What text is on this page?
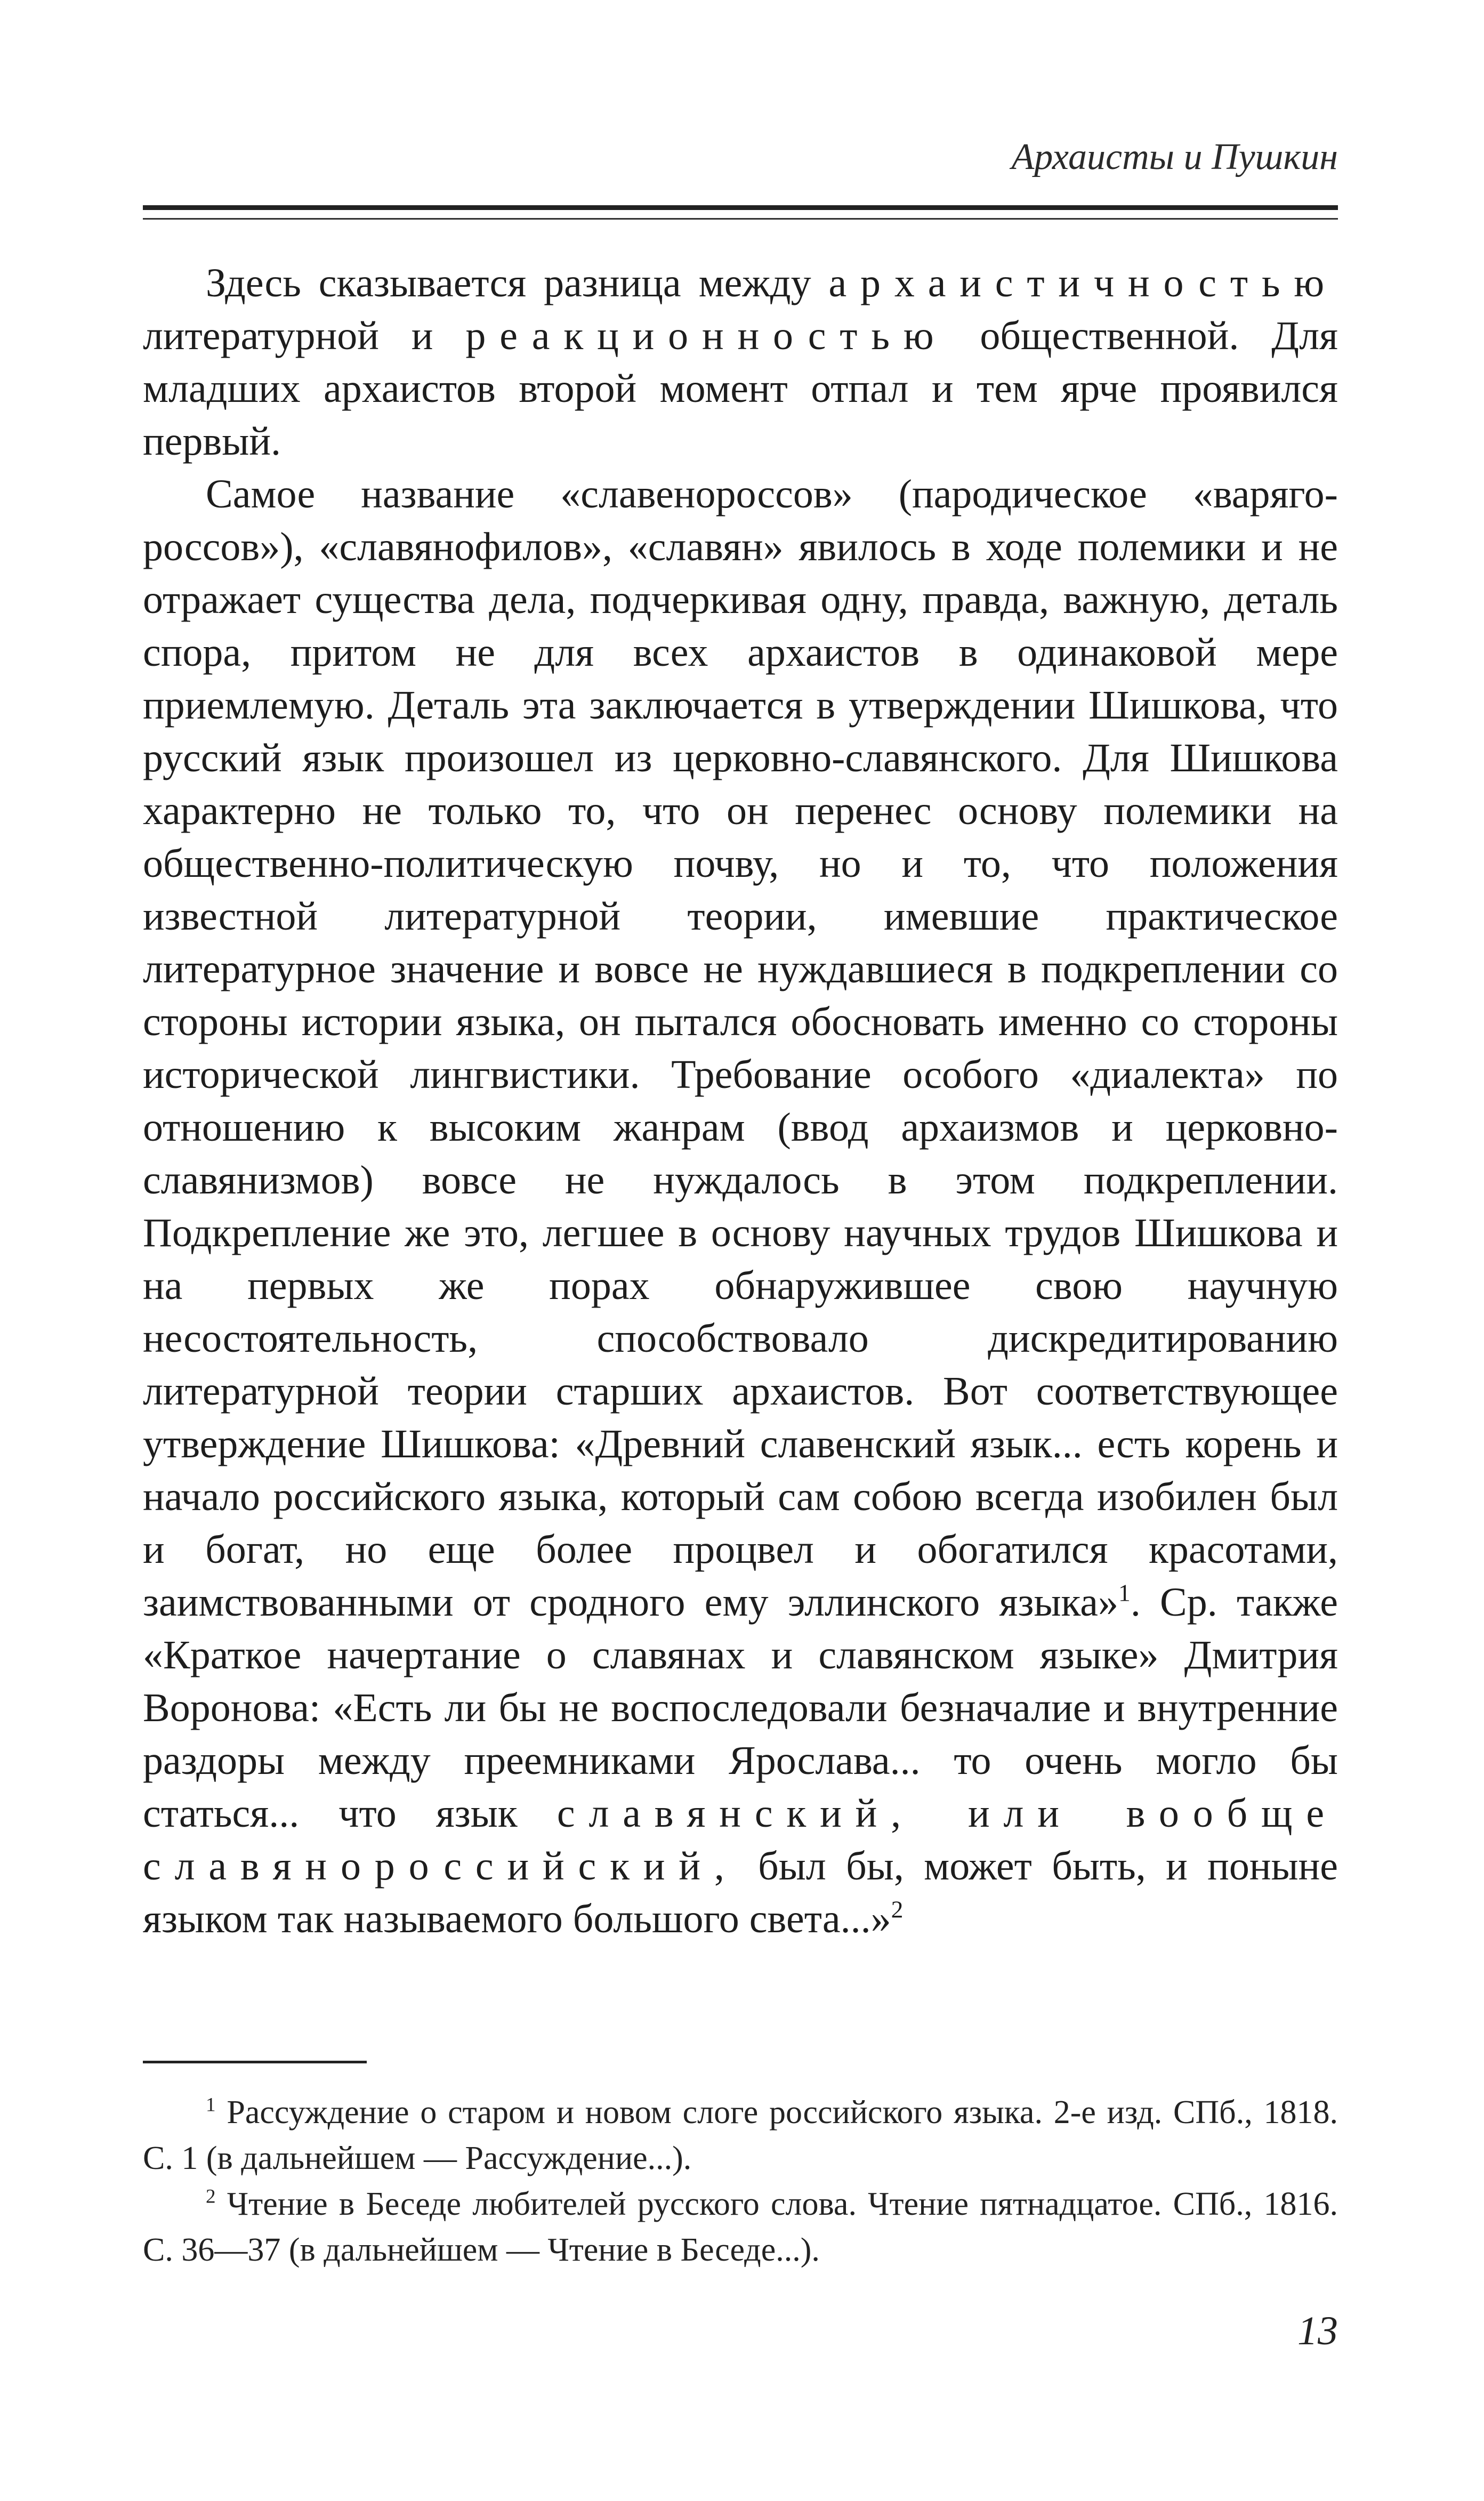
Архаисты и Пушкин

Здесь сказывается разница между архаистичностью литературной и реакционностью общественной. Для младших архаистов второй момент отпал и тем ярче проявился первый.

Самое название «славенороссов» (пародическое «варяго-россов»), «славянофилов», «славян» явилось в ходе полемики и не отражает существа дела, подчеркивая одну, правда, важную, деталь спора, притом не для всех архаистов в одинаковой мере приемлемую. Деталь эта заключается в утверждении Шишкова, что русский язык произошел из церковно-славянского. Для Шишкова характерно не только то, что он перенес основу полемики на общественно-политическую почву, но и то, что положения известной литературной теории, имевшие практическое литературное значение и вовсе не нуждавшиеся в подкреплении со стороны истории языка, он пытался обосновать именно со стороны исторической лингвистики. Требование особого «диалекта» по отношению к высоким жанрам (ввод архаизмов и церковно-славянизмов) вовсе не нуждалось в этом подкреплении. Подкрепление же это, легшее в основу научных трудов Шишкова и на первых же порах обнаружившее свою научную несостоятельность, способствовало дискредитированию литературной теории старших архаистов. Вот соответствующее утверждение Шишкова: «Древний славенский язык... есть корень и начало российского языка, который сам собою всегда изобилен был и богат, но еще более процвел и обогатился красотами, заимствованными от сродного ему эллинского языка»$^1$. Ср. также «Краткое начертание о славянах и славянском языке» Дмитрия Воронова: «Есть ли бы не воспоследовали безначалие и внутренние раздоры между преемниками Ярослава... то очень могло бы статься... что язык славянский, или вообще славяноросcийский, был бы, может быть, и поныне языком так называемого большого света...»$^2$

$^1$ Рассуждение о старом и новом слоге российского языка. 2-е изд. СПб., 1818. С. 1 (в дальнейшем — Рассуждение...).

$^2$ Чтение в Беседе любителей русского слова. Чтение пятнадцатое. СПб., 1816. С. 36—37 (в дальнейшем — Чтение в Беседе...).

13
